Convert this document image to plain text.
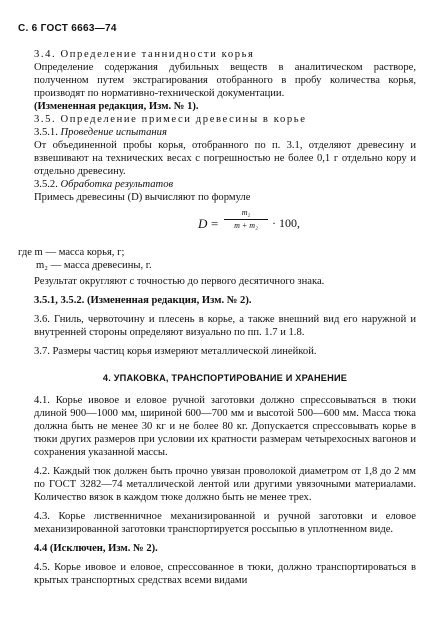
С. 6 ГОСТ 6663—74

3.4. Определение таннидности корья

Определение содержания дубильных веществ в аналитическом растворе, полученном путем экстрагирования отобранного в пробу количества корья, производят по нормативно-технической документации.

(Измененная редакция, Изм. № 1).

3.5. Определение примеси древесины в корье

3.5.1. Проведение испытания

От объединенной пробы корья, отобранного по п. 3.1, отделяют древесину и взвешивают на технических весах с погрешностью не более 0,1 г отдельно кору и отдельно древесину.

3.5.2. Обработка результатов

Примесь древесины (D) вычисляют по формуле

D =
m₂
m + m₂	· 100,

где m — масса корья, г;

m₂ — масса древесины, г.

Результат округляют с точностью до первого десятичного знака.

3.5.1, 3.5.2. (Измененная редакция, Изм. № 2).

3.6. Гниль, червоточину и плесень в корье, а также внешний вид его наружной и внутренней стороны определяют визуально по пп. 1.7 и 1.8.

3.7. Размеры частиц корья измеряют металлической линейкой.

4. УПАКОВКА, ТРАНСПОРТИРОВАНИЕ И ХРАНЕНИЕ

4.1. Корье ивовое и еловое ручной заготовки должно спрессовываться в тюки длиной 900—1000 мм, шириной 600—700 мм и высотой 500—600 мм. Масса тюка должна быть не менее 30 кг и не более 80 кг. Допускается спрессовывать корье в тюки других размеров при условии их кратности размерам четырехосных вагонов и сохранения указанной массы.

4.2. Каждый тюк должен быть прочно увязан проволокой диаметром от 1,8 до 2 мм по ГОСТ 3282—74 металлической лентой или другими увязочными материалами. Количество вязок в каждом тюке должно быть не менее трех.

4.3. Корье лиственничное механизированной и ручной заготовки и еловое механизированной заготовки транспортируется россыпью в уплотненном виде.

4.4 (Исключен, Изм. № 2).

4.5. Корье ивовое и еловое, спрессованное в тюки, должно транспортироваться в крытых транспортных средствах всеми видами
